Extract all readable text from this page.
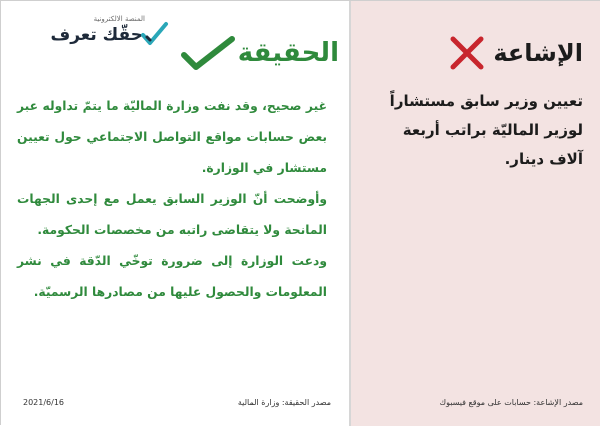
المنصة الالكترونية
حقّك تعرف
الحقيقة

غير صحيح، وقد نفت وزارة الماليّة ما يتمّ تداوله عبر بعض حسابات مواقع التواصل الاجتماعي حول تعيين مستشار في الوزارة.

وأوضحت أنّ الوزير السابق يعمل مع إحدى الجهات المانحة ولا يتقاضى راتبه من مخصصات الحكومة.

ودعت الوزارة إلى ضرورة توخّي الدّقة في نشر المعلومات والحصول عليها من مصادرها الرسميّة.

مصدر الحقيقة: وزارة المالية
2021/6/16
الإشاعة
تعيين وزير سابق مستشاراً لوزير الماليّة براتب أربعة آلاف دينار.
مصدر الإشاعة: حسابات على موقع فيسبوك
